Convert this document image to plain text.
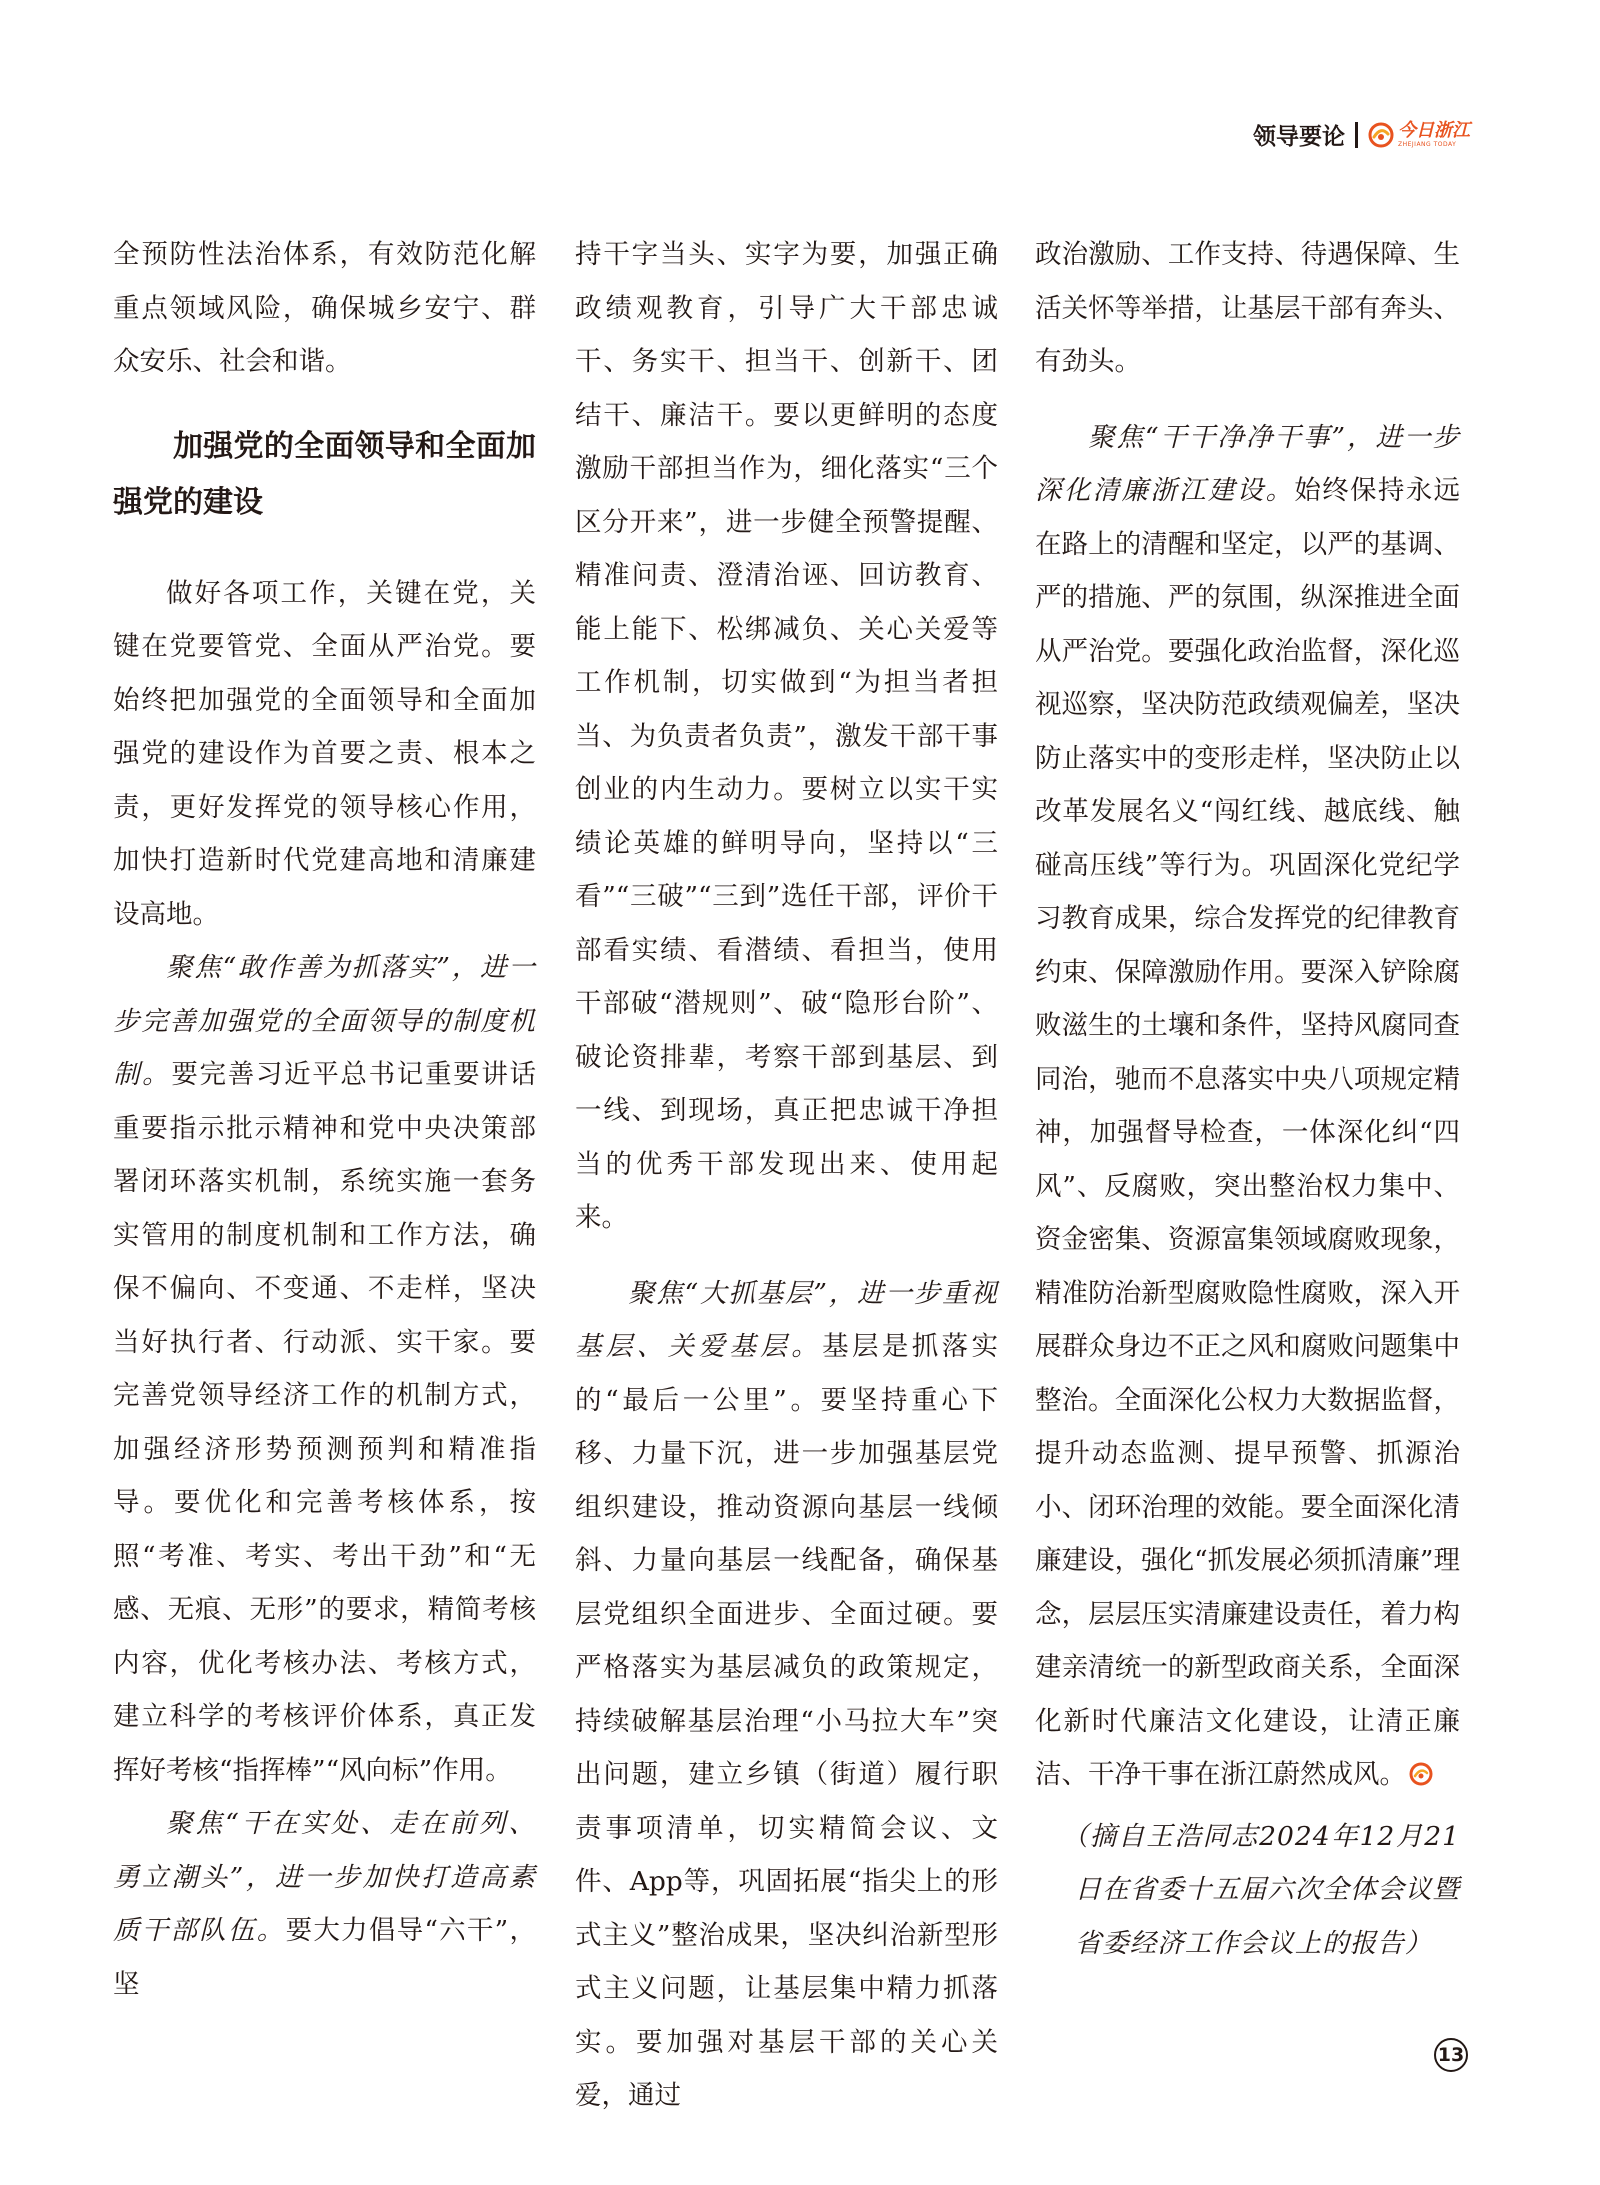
领导要论	今日浙江
ZHEJIANG TODAY

全预防性法治体系，有效防范化解重点领域风险，确保城乡安宁、群众安乐、社会和谐。

加强党的全面领导和全面加强党的建设

做好各项工作，关键在党，关键在党要管党、全面从严治党。要始终把加强党的全面领导和全面加强党的建设作为首要之责、根本之责，更好发挥党的领导核心作用，加快打造新时代党建高地和清廉建设高地。

聚焦“敢作善为抓落实”，进一步完善加强党的全面领导的制度机制。要完善习近平总书记重要讲话重要指示批示精神和党中央决策部署闭环落实机制，系统实施一套务实管用的制度机制和工作方法，确保不偏向、不变通、不走样，坚决当好执行者、行动派、实干家。要完善党领导经济工作的机制方式，加强经济形势预测预判和精准指导。要优化和完善考核体系，按照“考准、考实、考出干劲”和“无感、无痕、无形”的要求，精简考核内容，优化考核办法、考核方式，建立科学的考核评价体系，真正发挥好考核“指挥棒”“风向标”作用。

聚焦“干在实处、走在前列、勇立潮头”，进一步加快打造高素质干部队伍。要大力倡导“六干”，坚

持干字当头、实字为要，加强正确政绩观教育，引导广大干部忠诚干、务实干、担当干、创新干、团结干、廉洁干。要以更鲜明的态度激励干部担当作为，细化落实“三个区分开来”，进一步健全预警提醒、精准问责、澄清治诬、回访教育、能上能下、松绑减负、关心关爱等工作机制，切实做到“为担当者担当、为负责者负责”，激发干部干事创业的内生动力。要树立以实干实绩论英雄的鲜明导向，坚持以“三看”“三破”“三到”选任干部，评价干部看实绩、看潜绩、看担当，使用干部破“潜规则”、破“隐形台阶”、破论资排辈，考察干部到基层、到一线、到现场，真正把忠诚干净担当的优秀干部发现出来、使用起来。

聚焦“大抓基层”，进一步重视基层、关爱基层。基层是抓落实的“最后一公里”。要坚持重心下移、力量下沉，进一步加强基层党组织建设，推动资源向基层一线倾斜、力量向基层一线配备，确保基层党组织全面进步、全面过硬。要严格落实为基层减负的政策规定，持续破解基层治理“小马拉大车”突出问题，建立乡镇（街道）履行职责事项清单，切实精简会议、文件、App等，巩固拓展“指尖上的形式主义”整治成果，坚决纠治新型形式主义问题，让基层集中精力抓落实。要加强对基层干部的关心关爱，通过

政治激励、工作支持、待遇保障、生活关怀等举措，让基层干部有奔头、有劲头。

聚焦“干干净净干事”，进一步深化清廉浙江建设。始终保持永远在路上的清醒和坚定，以严的基调、严的措施、严的氛围，纵深推进全面从严治党。要强化政治监督，深化巡视巡察，坚决防范政绩观偏差，坚决防止落实中的变形走样，坚决防止以改革发展名义“闯红线、越底线、触碰高压线”等行为。巩固深化党纪学习教育成果，综合发挥党的纪律教育约束、保障激励作用。要深入铲除腐败滋生的土壤和条件，坚持风腐同查同治，驰而不息落实中央八项规定精神，加强督导检查，一体深化纠“四风”、反腐败，突出整治权力集中、资金密集、资源富集领域腐败现象，精准防治新型腐败隐性腐败，深入开展群众身边不正之风和腐败问题集中整治。全面深化公权力大数据监督，提升动态监测、提早预警、抓源治小、闭环治理的效能。要全面深化清廉建设，强化“抓发展必须抓清廉”理念，层层压实清廉建设责任，着力构建亲清统一的新型政商关系，全面深化新时代廉洁文化建设，让清正廉洁、干净干事在浙江蔚然成风。

（摘自王浩同志2024年12月21日在省委十五届六次全体会议暨省委经济工作会议上的报告）

13
